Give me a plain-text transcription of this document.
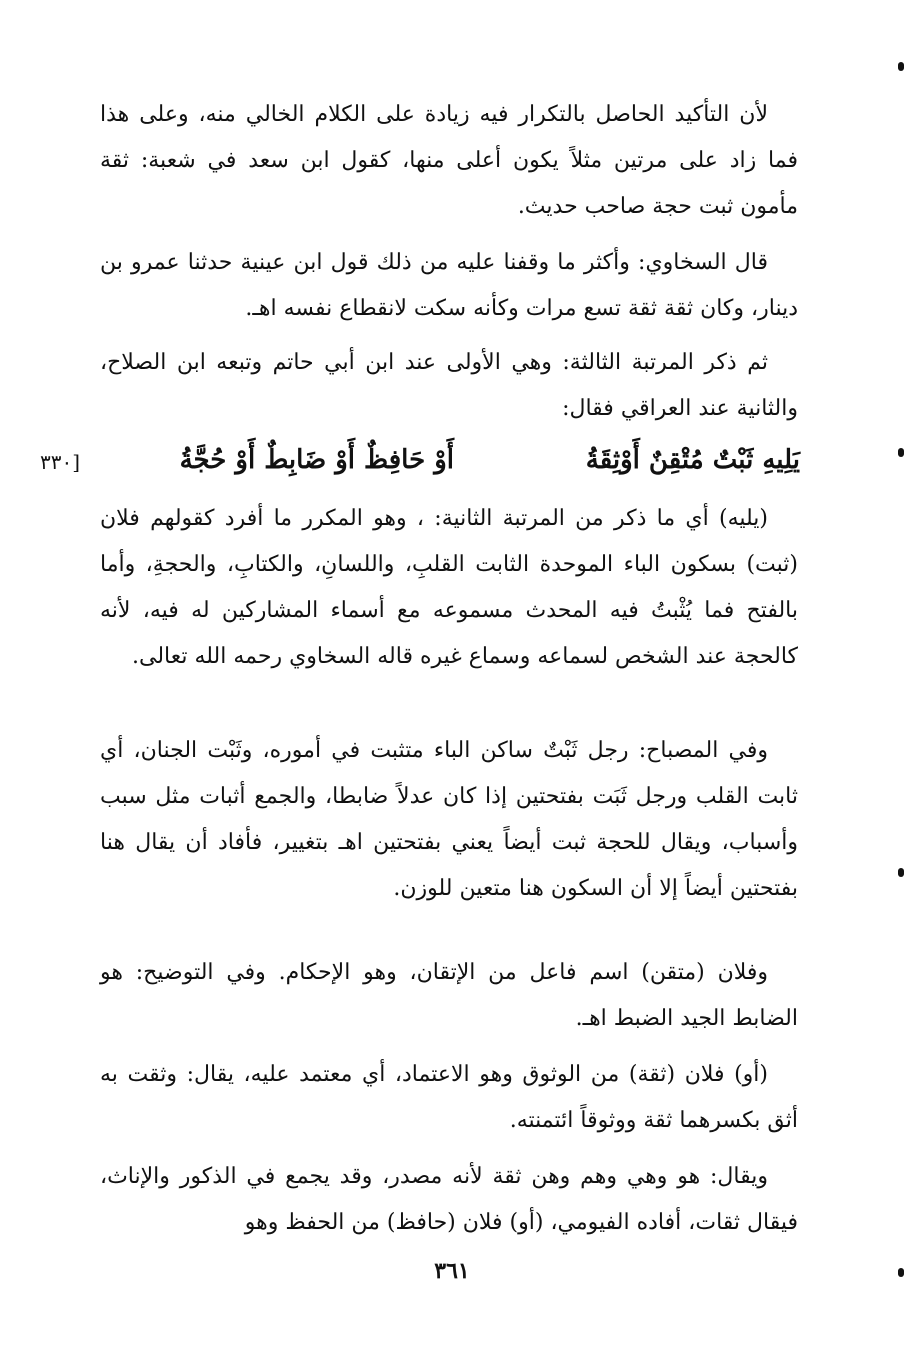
لأن التأكيد الحاصل بالتكرار فيه زيادة على الكلام الخالي منه، وعلى هذا فما زاد على مرتين مثلاً يكون أعلى منها، كقول ابن سعد في شعبة: ثقة مأمون ثبت حجة صاحب حديث.

قال السخاوي: وأكثر ما وقفنا عليه من ذلك قول ابن عينية حدثنا عمرو بن دينار، وكان ثقة ثقة تسع مرات وكأنه سكت لانقطاع نفسه اهـ.

ثم ذكر المرتبة الثالثة: وهي الأولى عند ابن أبي حاتم وتبعه ابن الصلاح، والثانية عند العراقي فقال:

يَلِيهِ ثَبْتٌ مُتْقِنٌ أَوْثِقَةُ
أَوْ حَافِظٌ أَوْ ضَابِطٌ أَوْ حُجَّةُ
[٣٣٠

(يليه) أي ما ذكر من المرتبة الثانية: ، وهو المكرر ما أفرد كقولهم فلان (ثبت) بسكون الباء الموحدة الثابت القلبِ، واللسانِ، والكتابِ، والحجةِ، وأما بالفتح فما يُثْبتُ فيه المحدث مسموعه مع أسماء المشاركين له فيه، لأنه كالحجة عند الشخص لسماعه وسماع غيره قاله السخاوي رحمه الله تعالى.

وفي المصباح: رجل ثَبْتٌ ساكن الباء متثبت في أموره، وثَبْت الجنان، أي ثابت القلب ورجل ثَبَت بفتحتين إذا كان عدلاً ضابطا، والجمع أثبات مثل سبب وأسباب، ويقال للحجة ثبت أيضاً يعني بفتحتين اهـ بتغيير، فأفاد أن يقال هنا بفتحتين أيضاً إلا أن السكون هنا متعين للوزن.

وفلان (متقن) اسم فاعل من الإتقان، وهو الإحكام. وفي التوضيح: هو الضابط الجيد الضبط اهـ.

(أو) فلان (ثقة) من الوثوق وهو الاعتماد، أي معتمد عليه، يقال: وثقت به أثق بكسرهما ثقة ووثوقاً ائتمنته.

ويقال: هو وهي وهم وهن ثقة لأنه مصدر، وقد يجمع في الذكور والإناث، فيقال ثقات، أفاده الفيومي، (أو) فلان (حافظ) من الحفظ وهو

٣٦١
